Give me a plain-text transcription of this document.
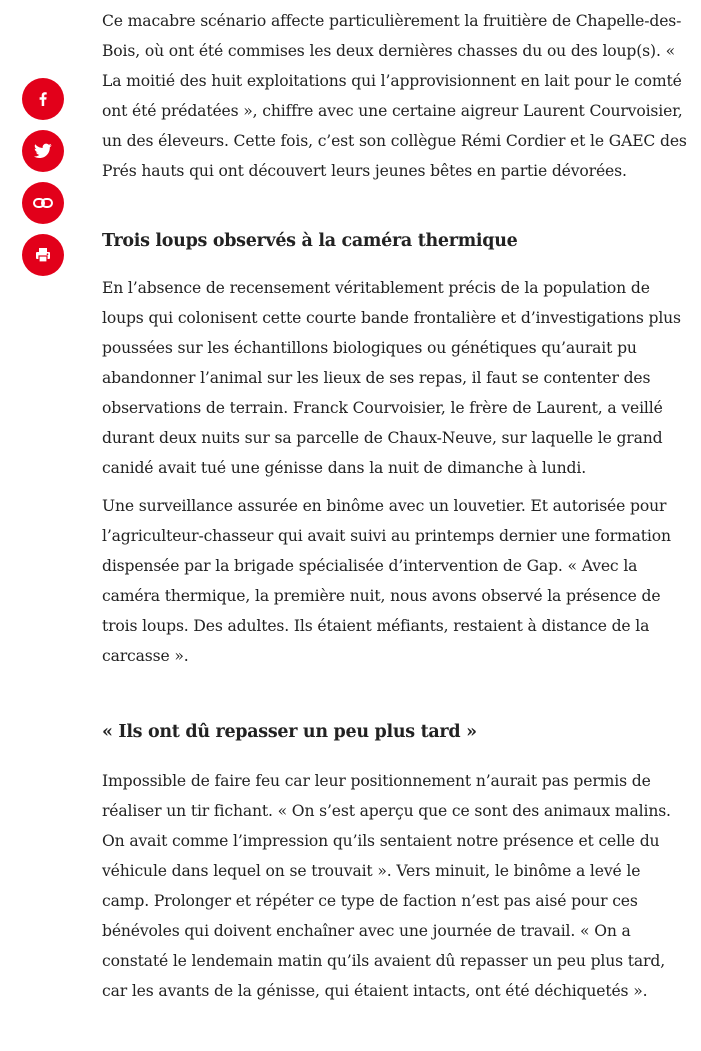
Ce macabre scénario affecte particulièrement la fruitière de Chapelle-des-Bois, où ont été commises les deux dernières chasses du ou des loup(s). « La moitié des huit exploitations qui l’approvisionnent en lait pour le comté ont été prédatées », chiffre avec une certaine aigreur Laurent Courvoisier, un des éleveurs. Cette fois, c’est son collègue Rémi Cordier et le GAEC des Prés hauts qui ont découvert leurs jeunes bêtes en partie dévorées.

Trois loups observés à la caméra thermique

En l’absence de recensement véritablement précis de la population de loups qui colonisent cette courte bande frontalière et d’investigations plus poussées sur les échantillons biologiques ou génétiques qu’aurait pu abandonner l’animal sur les lieux de ses repas, il faut se contenter des observations de terrain. Franck Courvoisier, le frère de Laurent, a veillé durant deux nuits sur sa parcelle de Chaux-Neuve, sur laquelle le grand canidé avait tué une génisse dans la nuit de dimanche à lundi.

Une surveillance assurée en binôme avec un louvetier. Et autorisée pour l’agriculteur-chasseur qui avait suivi au printemps dernier une formation dispensée par la brigade spécialisée d’intervention de Gap. « Avec la caméra thermique, la première nuit, nous avons observé la présence de trois loups. Des adultes. Ils étaient méfiants, restaient à distance de la carcasse ».

« Ils ont dû repasser un peu plus tard »

Impossible de faire feu car leur positionnement n’aurait pas permis de réaliser un tir fichant. « On s’est aperçu que ce sont des animaux malins. On avait comme l’impression qu’ils sentaient notre présence et celle du véhicule dans lequel on se trouvait ». Vers minuit, le binôme a levé le camp. Prolonger et répéter ce type de faction n’est pas aisé pour ces bénévoles qui doivent enchaîner avec une journée de travail. « On a constaté le lendemain matin qu’ils avaient dû repasser un peu plus tard, car les avants de la génisse, qui étaient intacts, ont été déchiquetés ».
